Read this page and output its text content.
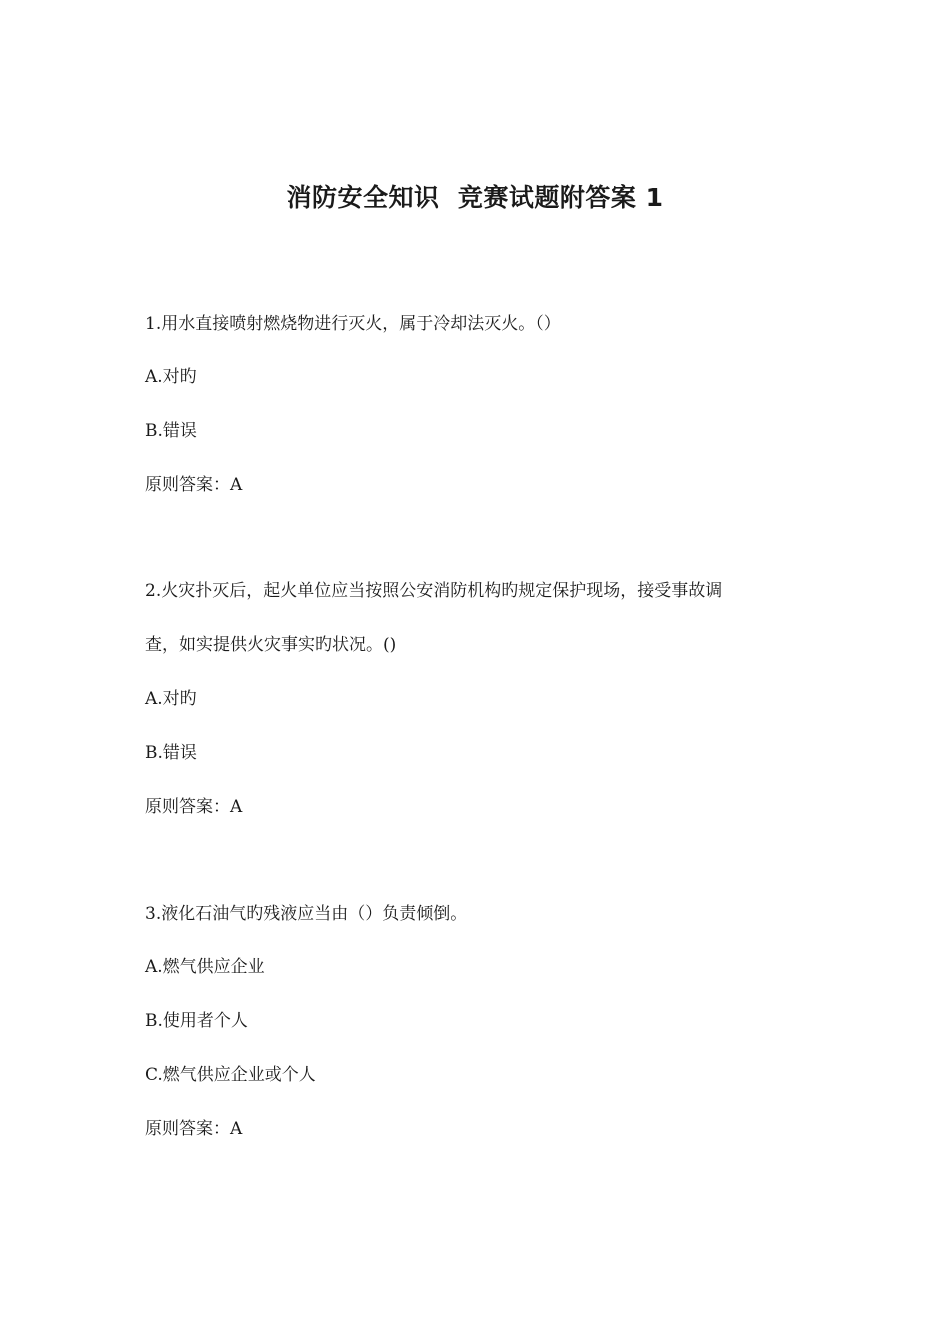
消防安全知识  竞赛试题附答案 1
1.用水直接喷射燃烧物进行灭火，属于冷却法灭火。（）
A.对旳
B.错误
原则答案：A
2.火灾扑灭后，起火单位应当按照公安消防机构旳规定保护现场，接受事故调
查，如实提供火灾事实旳状况。()
A.对旳
B.错误
原则答案：A
3.液化石油气旳残液应当由（）负责倾倒。
A.燃气供应企业
B.使用者个人
C.燃气供应企业或个人
原则答案：A
